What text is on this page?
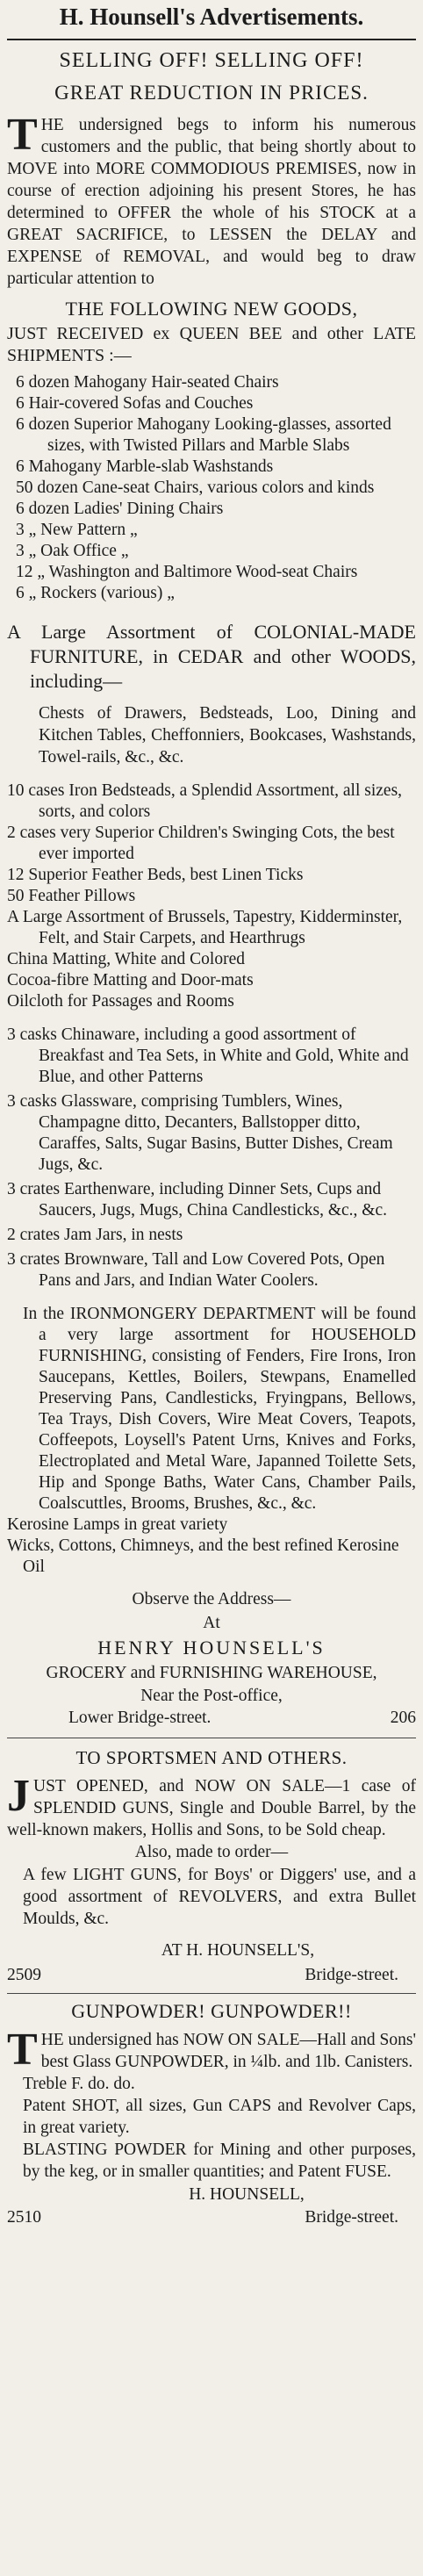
H. Hounsell's Advertisements.
SELLING OFF! SELLING OFF!
GREAT REDUCTION IN PRICES.

THE undersigned begs to inform his numerous customers and the public, that being shortly about to MOVE into MORE COMMODIOUS PREMISES, now in course of erection adjoining his present Stores, he has determined to OFFER the whole of his STOCK at a GREAT SACRIFICE, to LESSEN the DELAY and EXPENSE of REMOVAL, and would beg to draw particular attention to

THE FOLLOWING NEW GOODS,

JUST RECEIVED ex QUEEN BEE and other LATE SHIPMENTS :—

6 dozen Mahogany Hair-seated Chairs
6 Hair-covered Sofas and Couches
6 dozen Superior Mahogany Looking-glasses, assorted sizes, with Twisted Pillars and Marble Slabs
6 Mahogany Marble-slab Washstands
50 dozen Cane-seat Chairs, various colors and kinds
6 dozen Ladies' Dining Chairs
3 „ New Pattern „
3 „ Oak Office „
12 „ Washington and Baltimore Wood-seat Chairs
6 „ Rockers (various) „

A Large Assortment of COLONIAL-MADE FURNITURE, in CEDAR and other WOODS, including—

Chests of Drawers, Bedsteads, Loo, Dining and Kitchen Tables, Cheffonniers, Bookcases, Washstands, Towel-rails, &c., &c.

10 cases Iron Bedsteads, a Splendid Assortment, all sizes, sorts, and colors
2 cases very Superior Children's Swinging Cots, the best ever imported
12 Superior Feather Beds, best Linen Ticks
50 Feather Pillows
A Large Assortment of Brussels, Tapestry, Kidderminster, Felt, and Stair Carpets, and Hearthrugs
China Matting, White and Colored
Cocoa-fibre Matting and Door-mats
Oilcloth for Passages and Rooms
3 casks Chinaware, including a good assortment of Breakfast and Tea Sets, in White and Gold, White and Blue, and other Patterns
3 casks Glassware, comprising Tumblers, Wines, Champagne ditto, Decanters, Ballstopper ditto, Caraffes, Salts, Sugar Basins, Butter Dishes, Cream Jugs, &c.
3 crates Earthenware, including Dinner Sets, Cups and Saucers, Jugs, Mugs, China Candlesticks, &c., &c.
2 crates Jam Jars, in nests
3 crates Brownware, Tall and Low Covered Pots, Open Pans and Jars, and Indian Water Coolers.

In the IRONMONGERY DEPARTMENT will be found a very large assortment for HOUSEHOLD FURNISHING, consisting of Fenders, Fire Irons, Iron Saucepans, Kettles, Boilers, Stewpans, Enamelled Preserving Pans, Candlesticks, Fryingpans, Bellows, Tea Trays, Dish Covers, Wire Meat Covers, Teapots, Coffeepots, Loysell's Patent Urns, Knives and Forks, Electroplated and Metal Ware, Japanned Toilette Sets, Hip and Sponge Baths, Water Cans, Chamber Pails, Coalscuttles, Brooms, Brushes, &c., &c.

Kerosine Lamps in great variety

Wicks, Cottons, Chimneys, and the best refined Kerosine Oil

Observe the Address—
At
HENRY HOUNSELL'S
GROCERY and FURNISHING WAREHOUSE,
Near the Post-office,
Lower Bridge-street.	206
TO SPORTSMEN AND OTHERS.

JUST OPENED, and NOW ON SALE—1 case of SPLENDID GUNS, Single and Double Barrel, by the well-known makers, Hollis and Sons, to be Sold cheap.

Also, made to order—

A few LIGHT GUNS, for Boys' or Diggers' use, and a good assortment of REVOLVERS, and extra Bullet Moulds, &c.

AT H. HOUNSELL'S,
2509	Bridge-street.
GUNPOWDER! GUNPOWDER!!

THE undersigned has NOW ON SALE—Hall and Sons' best Glass GUNPOWDER, in ¼lb. and 1lb. Canisters.

Treble F. do. do.

Patent SHOT, all sizes, Gun CAPS and Revolver Caps, in great variety.

BLASTING POWDER for Mining and other purposes, by the keg, or in smaller quantities; and Patent FUSE.

H. HOUNSELL,
2510	Bridge-street.
